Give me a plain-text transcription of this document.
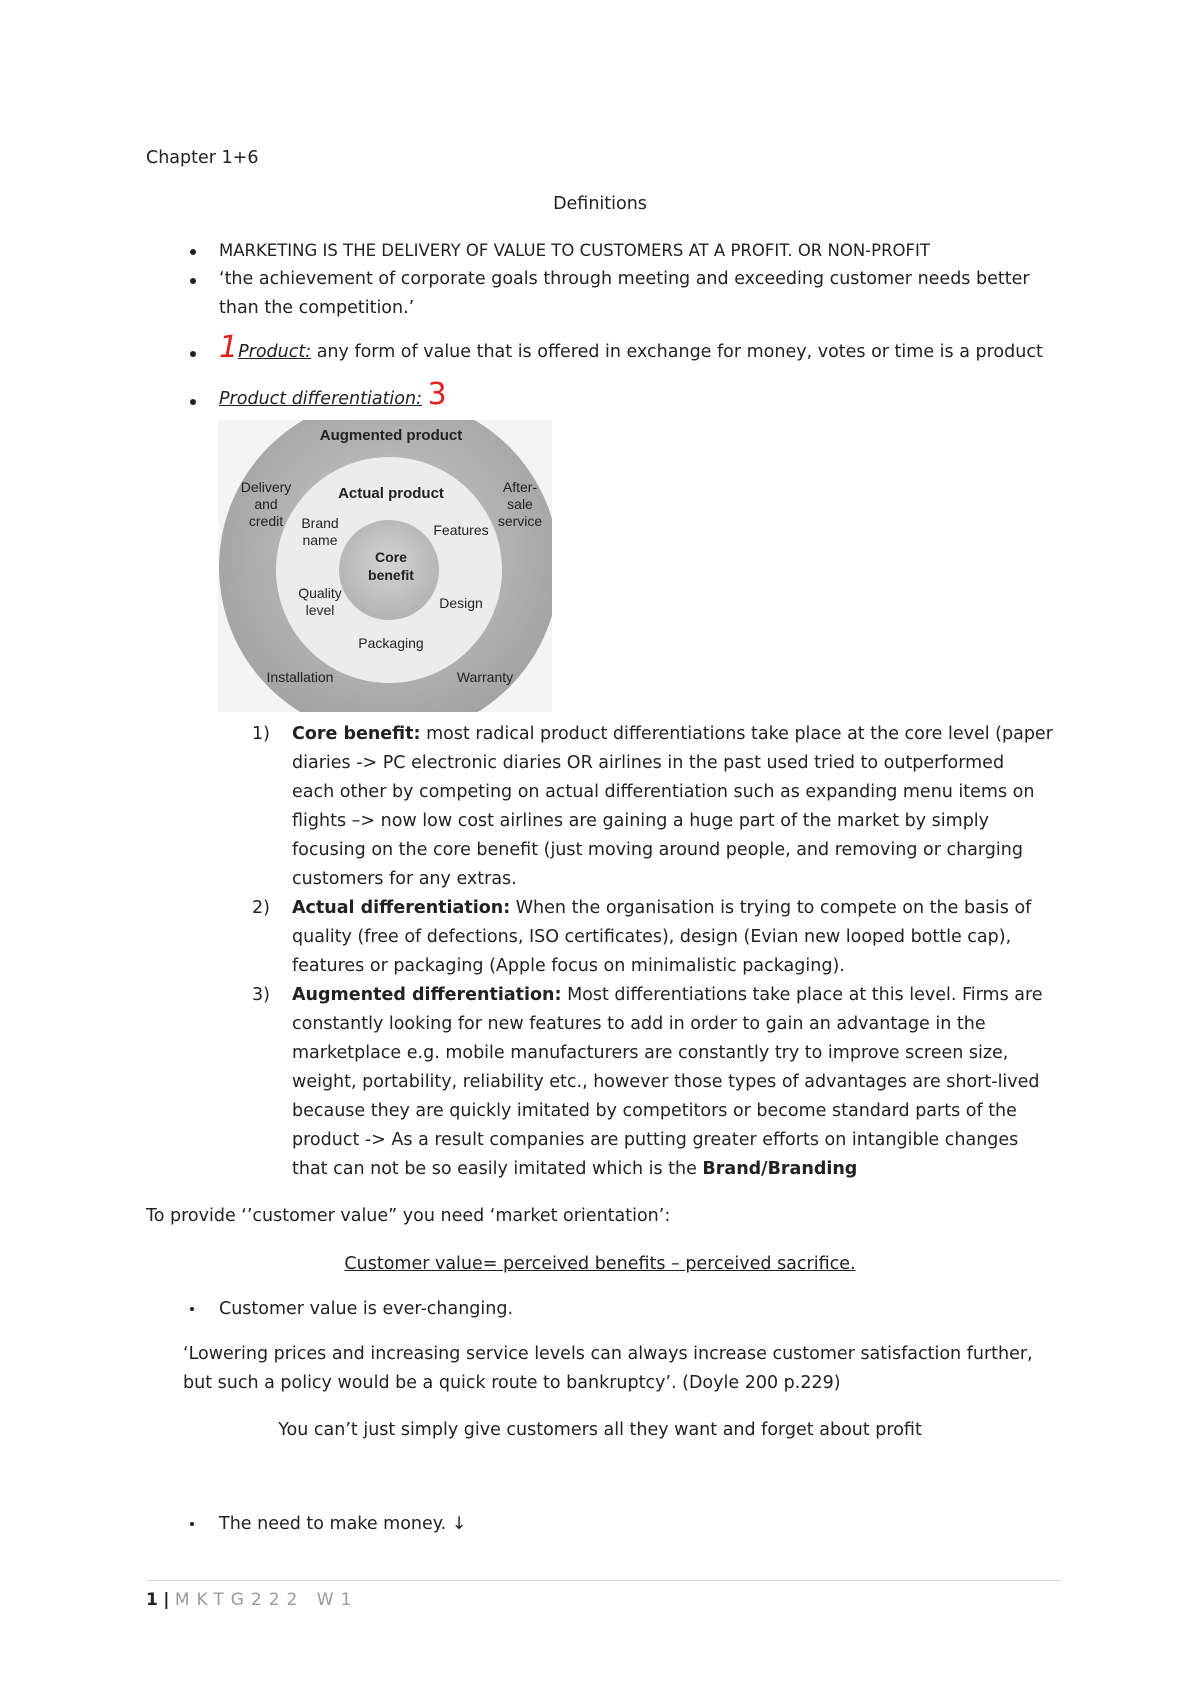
Chapter 1+6
Definitions
MARKETING IS THE DELIVERY OF VALUE TO CUSTOMERS AT A PROFIT. OR NON-PROFIT
‘the achievement of corporate goals through meeting and exceeding customer needs better
than the competition.’
1Product: any form of value that is offered in exchange for money, votes or time is a product
Product differentiation: 3
Augmented product
Actual product
Core
benefit
Delivery
and
credit
After-
sale
service
Brand
name
Features
Quality
level	Design
Packaging
Installation	Warranty
1)	Core benefit: most radical product differentiations take place at the core level (paper
diaries -> PC electronic diaries OR airlines in the past used tried to outperformed
each other by competing on actual differentiation such as expanding menu items on
flights –> now low cost airlines are gaining a huge part of the market by simply
focusing on the core benefit (just moving around people, and removing or charging
customers for any extras.
2)	Actual differentiation: When the organisation is trying to compete on the basis of
quality (free of defections, ISO certificates), design (Evian new looped bottle cap),
features or packaging (Apple focus on minimalistic packaging).
3)	Augmented differentiation: Most differentiations take place at this level. Firms are
constantly looking for new features to add in order to gain an advantage in the
marketplace e.g. mobile manufacturers are constantly try to improve screen size,
weight, portability, reliability etc., however those types of advantages are short-lived
because they are quickly imitated by competitors or become standard parts of the
product -> As a result companies are putting greater efforts on intangible changes
that can not be so easily imitated which is the Brand/Branding
To provide ‘’customer value” you need ‘market orientation’:
Customer value= perceived benefits – perceived sacrifice.
Customer value is ever-changing.
‘Lowering prices and increasing service levels can always increase customer satisfaction further,
but such a policy would be a quick route to bankruptcy’. (Doyle 200 p.229)
You can’t just simply give customers all they want and forget about profit
The need to make money. ↓
1 | MKTG222 W1
